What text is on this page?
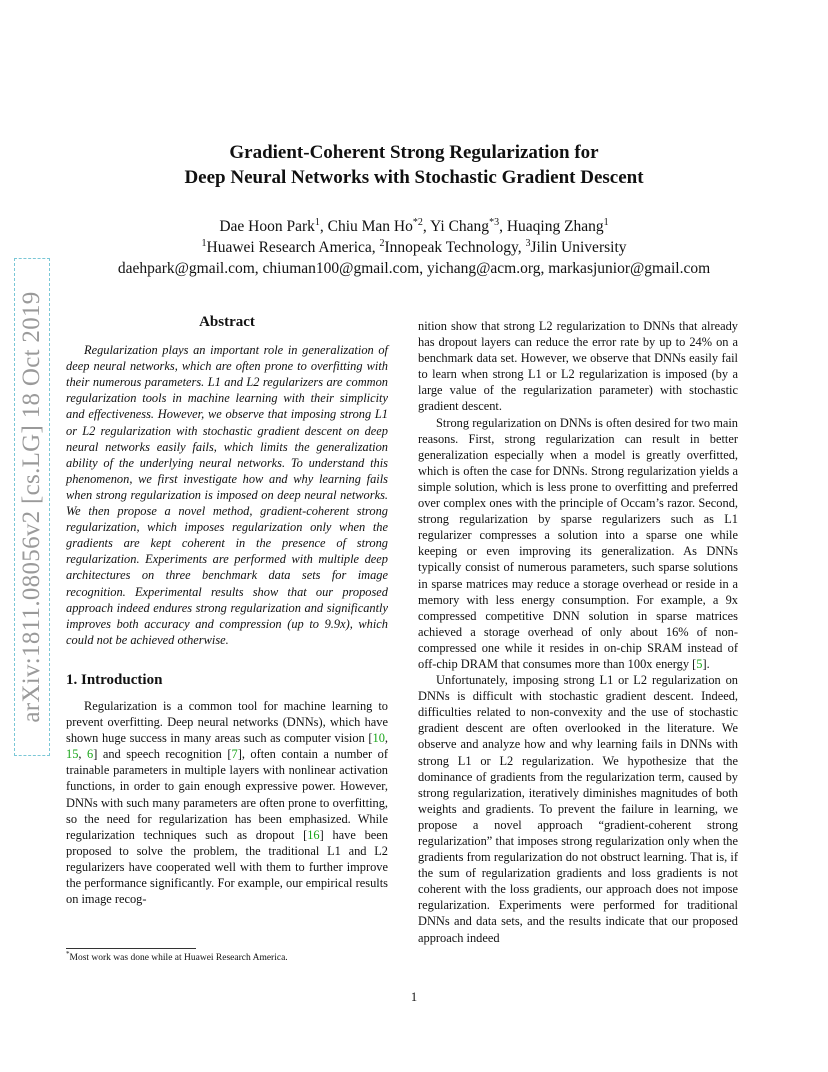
arXiv:1811.08056v2 [cs.LG] 18 Oct 2019
Gradient-Coherent Strong Regularization for
Deep Neural Networks with Stochastic Gradient Descent
Dae Hoon Park$^1$, Chiu Man Ho$^{*2}$, Yi Chang$^{*3}$, Huaqing Zhang$^1$
$^1$Huawei Research America, $^2$Innopeak Technology, $^3$Jilin University
daehpark@gmail.com, chiuman100@gmail.com, yichang@acm.org, markasjunior@gmail.com
Abstract

Regularization plays an important role in generalization of deep neural networks, which are often prone to overfitting with their numerous parameters. L1 and L2 regularizers are common regularization tools in machine learning with their simplicity and effectiveness. However, we observe that imposing strong L1 or L2 regularization with stochastic gradient descent on deep neural networks easily fails, which limits the generalization ability of the underlying neural networks. To understand this phenomenon, we first investigate how and why learning fails when strong regularization is imposed on deep neural networks. We then propose a novel method, gradient-coherent strong regularization, which imposes regularization only when the gradients are kept coherent in the presence of strong regularization. Experiments are performed with multiple deep architectures on three benchmark data sets for image recognition. Experimental results show that our proposed approach indeed endures strong regularization and significantly improves both accuracy and compression (up to 9.9x), which could not be achieved otherwise.

1. Introduction

Regularization is a common tool for machine learning to prevent overfitting. Deep neural networks (DNNs), which have shown huge success in many areas such as computer vision [10, 15, 6] and speech recognition [7], often contain a number of trainable parameters in multiple layers with nonlinear activation functions, in order to gain enough expressive power. However, DNNs with such many parameters are often prone to overfitting, so the need for regularization has been emphasized. While regularization techniques such as dropout [16] have been proposed to solve the problem, the traditional L1 and L2 regularizers have cooperated well with them to further improve the performance significantly. For example, our empirical results on image recog-

nition show that strong L2 regularization to DNNs that already has dropout layers can reduce the error rate by up to 24% on a benchmark data set. However, we observe that DNNs easily fail to learn when strong L1 or L2 regularization is imposed (by a large value of the regularization parameter) with stochastic gradient descent.

Strong regularization on DNNs is often desired for two main reasons. First, strong regularization can result in better generalization especially when a model is greatly overfitted, which is often the case for DNNs. Strong regularization yields a simple solution, which is less prone to overfitting and preferred over complex ones with the principle of Occam’s razor. Second, strong regularization by sparse regularizers such as L1 regularizer compresses a solution into a sparse one while keeping or even improving its generalization. As DNNs typically consist of numerous parameters, such sparse solutions in sparse matrices may reduce a storage overhead or reside in a memory with less energy consumption. For example, a 9x compressed competitive DNN solution in sparse matrices achieved a storage overhead of only about 16% of non-compressed one while it resides in on-chip SRAM instead of off-chip DRAM that consumes more than 100x energy [5].

Unfortunately, imposing strong L1 or L2 regularization on DNNs is difficult with stochastic gradient descent. Indeed, difficulties related to non-convexity and the use of stochastic gradient descent are often overlooked in the literature. We observe and analyze how and why learning fails in DNNs with strong L1 or L2 regularization. We hypothesize that the dominance of gradients from the regularization term, caused by strong regularization, iteratively diminishes magnitudes of both weights and gradients. To prevent the failure in learning, we propose a novel approach “gradient-coherent strong regularization” that imposes strong regularization only when the gradients from regularization do not obstruct learning. That is, if the sum of regularization gradients and loss gradients is not coherent with the loss gradients, our approach does not impose regularization. Experiments were performed for traditional DNNs and data sets, and the results indicate that our proposed approach indeed

*Most work was done while at Huawei Research America.
1
